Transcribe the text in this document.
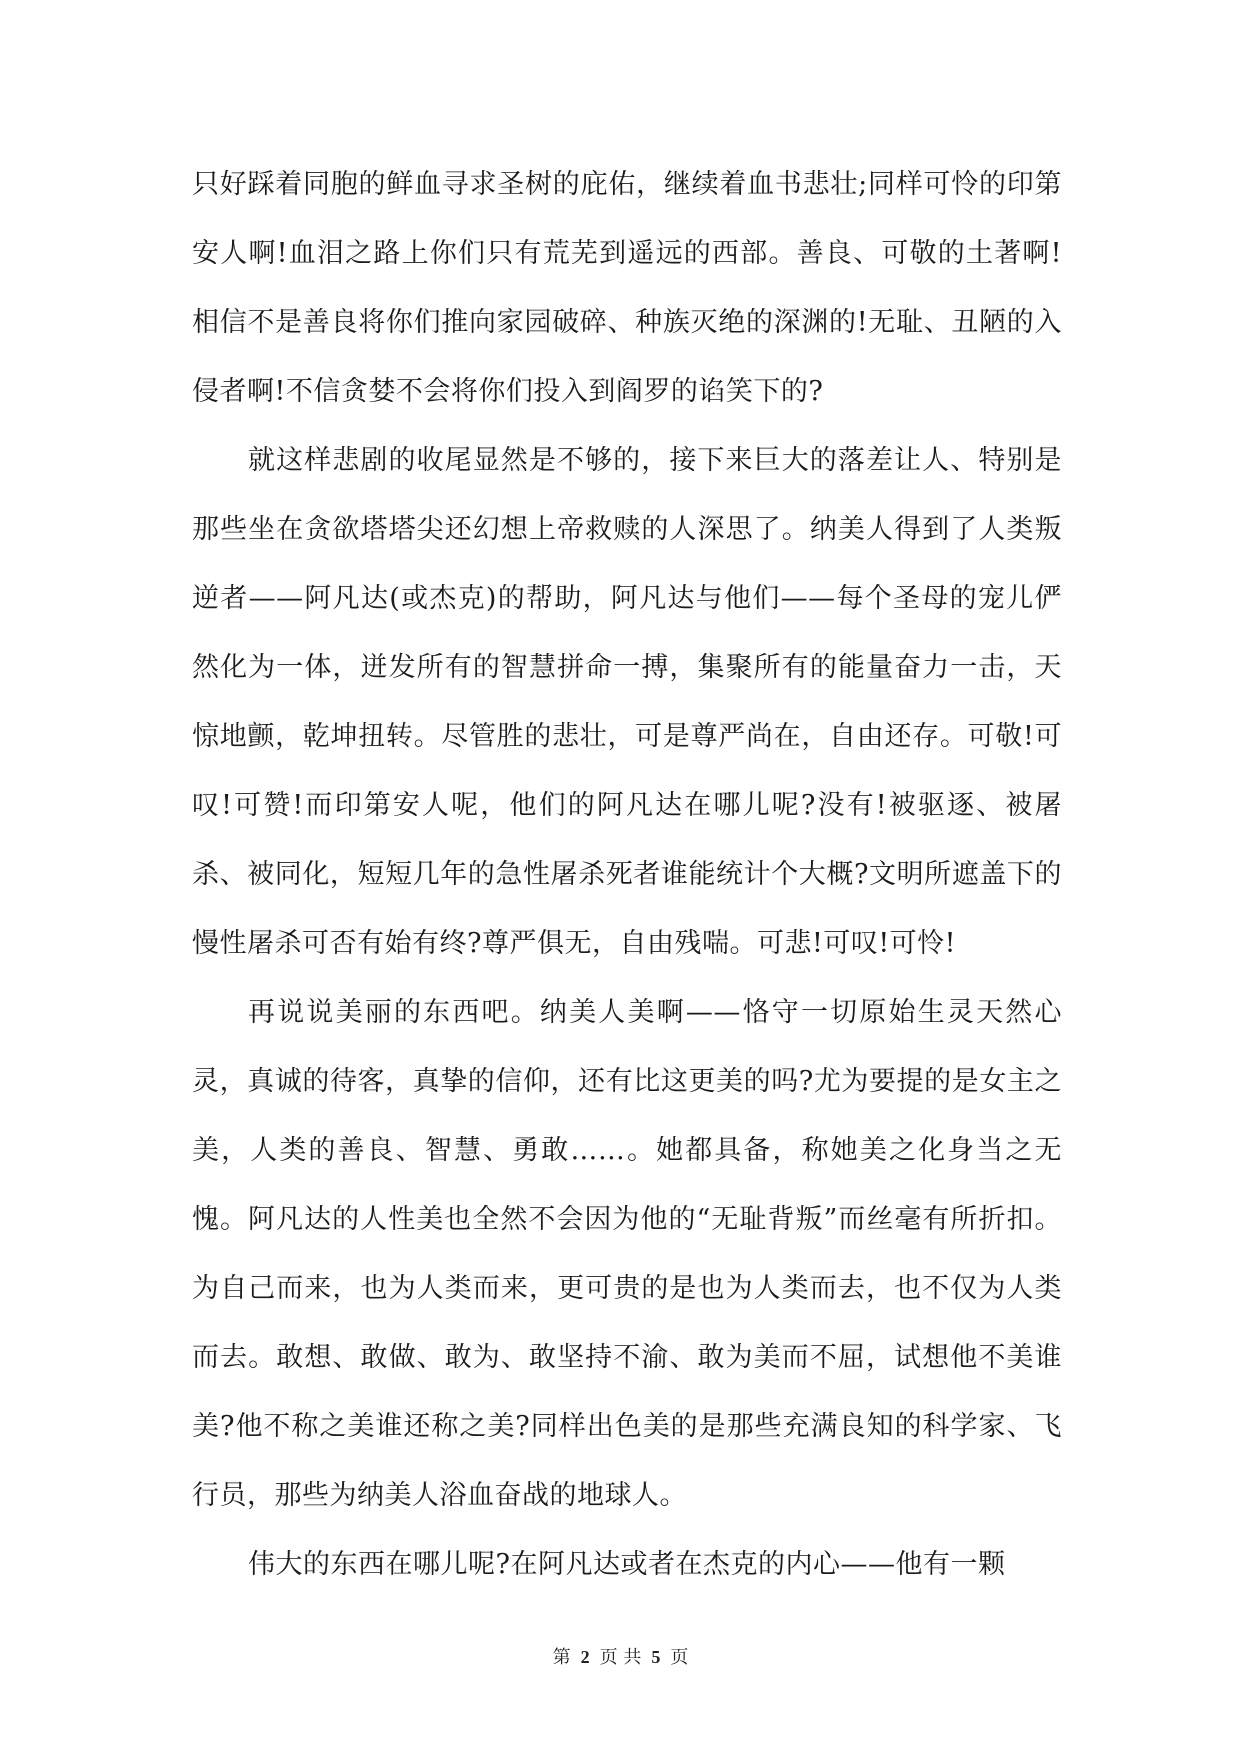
只好踩着同胞的鲜血寻求圣树的庇佑，继续着血书悲壮;同样可怜的印第安人啊!血泪之路上你们只有荒芜到遥远的西部。善良、可敬的土著啊!相信不是善良将你们推向家园破碎、种族灭绝的深渊的!无耻、丑陋的入侵者啊!不信贪婪不会将你们投入到阎罗的谄笑下的?

就这样悲剧的收尾显然是不够的，接下来巨大的落差让人、特别是那些坐在贪欲塔塔尖还幻想上帝救赎的人深思了。纳美人得到了人类叛逆者——阿凡达(或杰克)的帮助，阿凡达与他们——每个圣母的宠儿俨然化为一体，迸发所有的智慧拼命一搏，集聚所有的能量奋力一击，天惊地颤，乾坤扭转。尽管胜的悲壮，可是尊严尚在，自由还存。可敬!可叹!可赞!而印第安人呢，他们的阿凡达在哪儿呢?没有!被驱逐、被屠杀、被同化，短短几年的急性屠杀死者谁能统计个大概?文明所遮盖下的慢性屠杀可否有始有终?尊严俱无，自由残喘。可悲!可叹!可怜!

再说说美丽的东西吧。纳美人美啊——恪守一切原始生灵天然心灵，真诚的待客，真挚的信仰，还有比这更美的吗?尤为要提的是女主之美，人类的善良、智慧、勇敢……。她都具备，称她美之化身当之无愧。阿凡达的人性美也全然不会因为他的“无耻背叛”而丝毫有所折扣。为自己而来，也为人类而来，更可贵的是也为人类而去，也不仅为人类而去。敢想、敢做、敢为、敢坚持不渝、敢为美而不屈，试想他不美谁美?他不称之美谁还称之美?同样出色美的是那些充满良知的科学家、飞行员，那些为纳美人浴血奋战的地球人。

伟大的东西在哪儿呢?在阿凡达或者在杰克的内心——他有一颗

第 2 页 共 5 页
